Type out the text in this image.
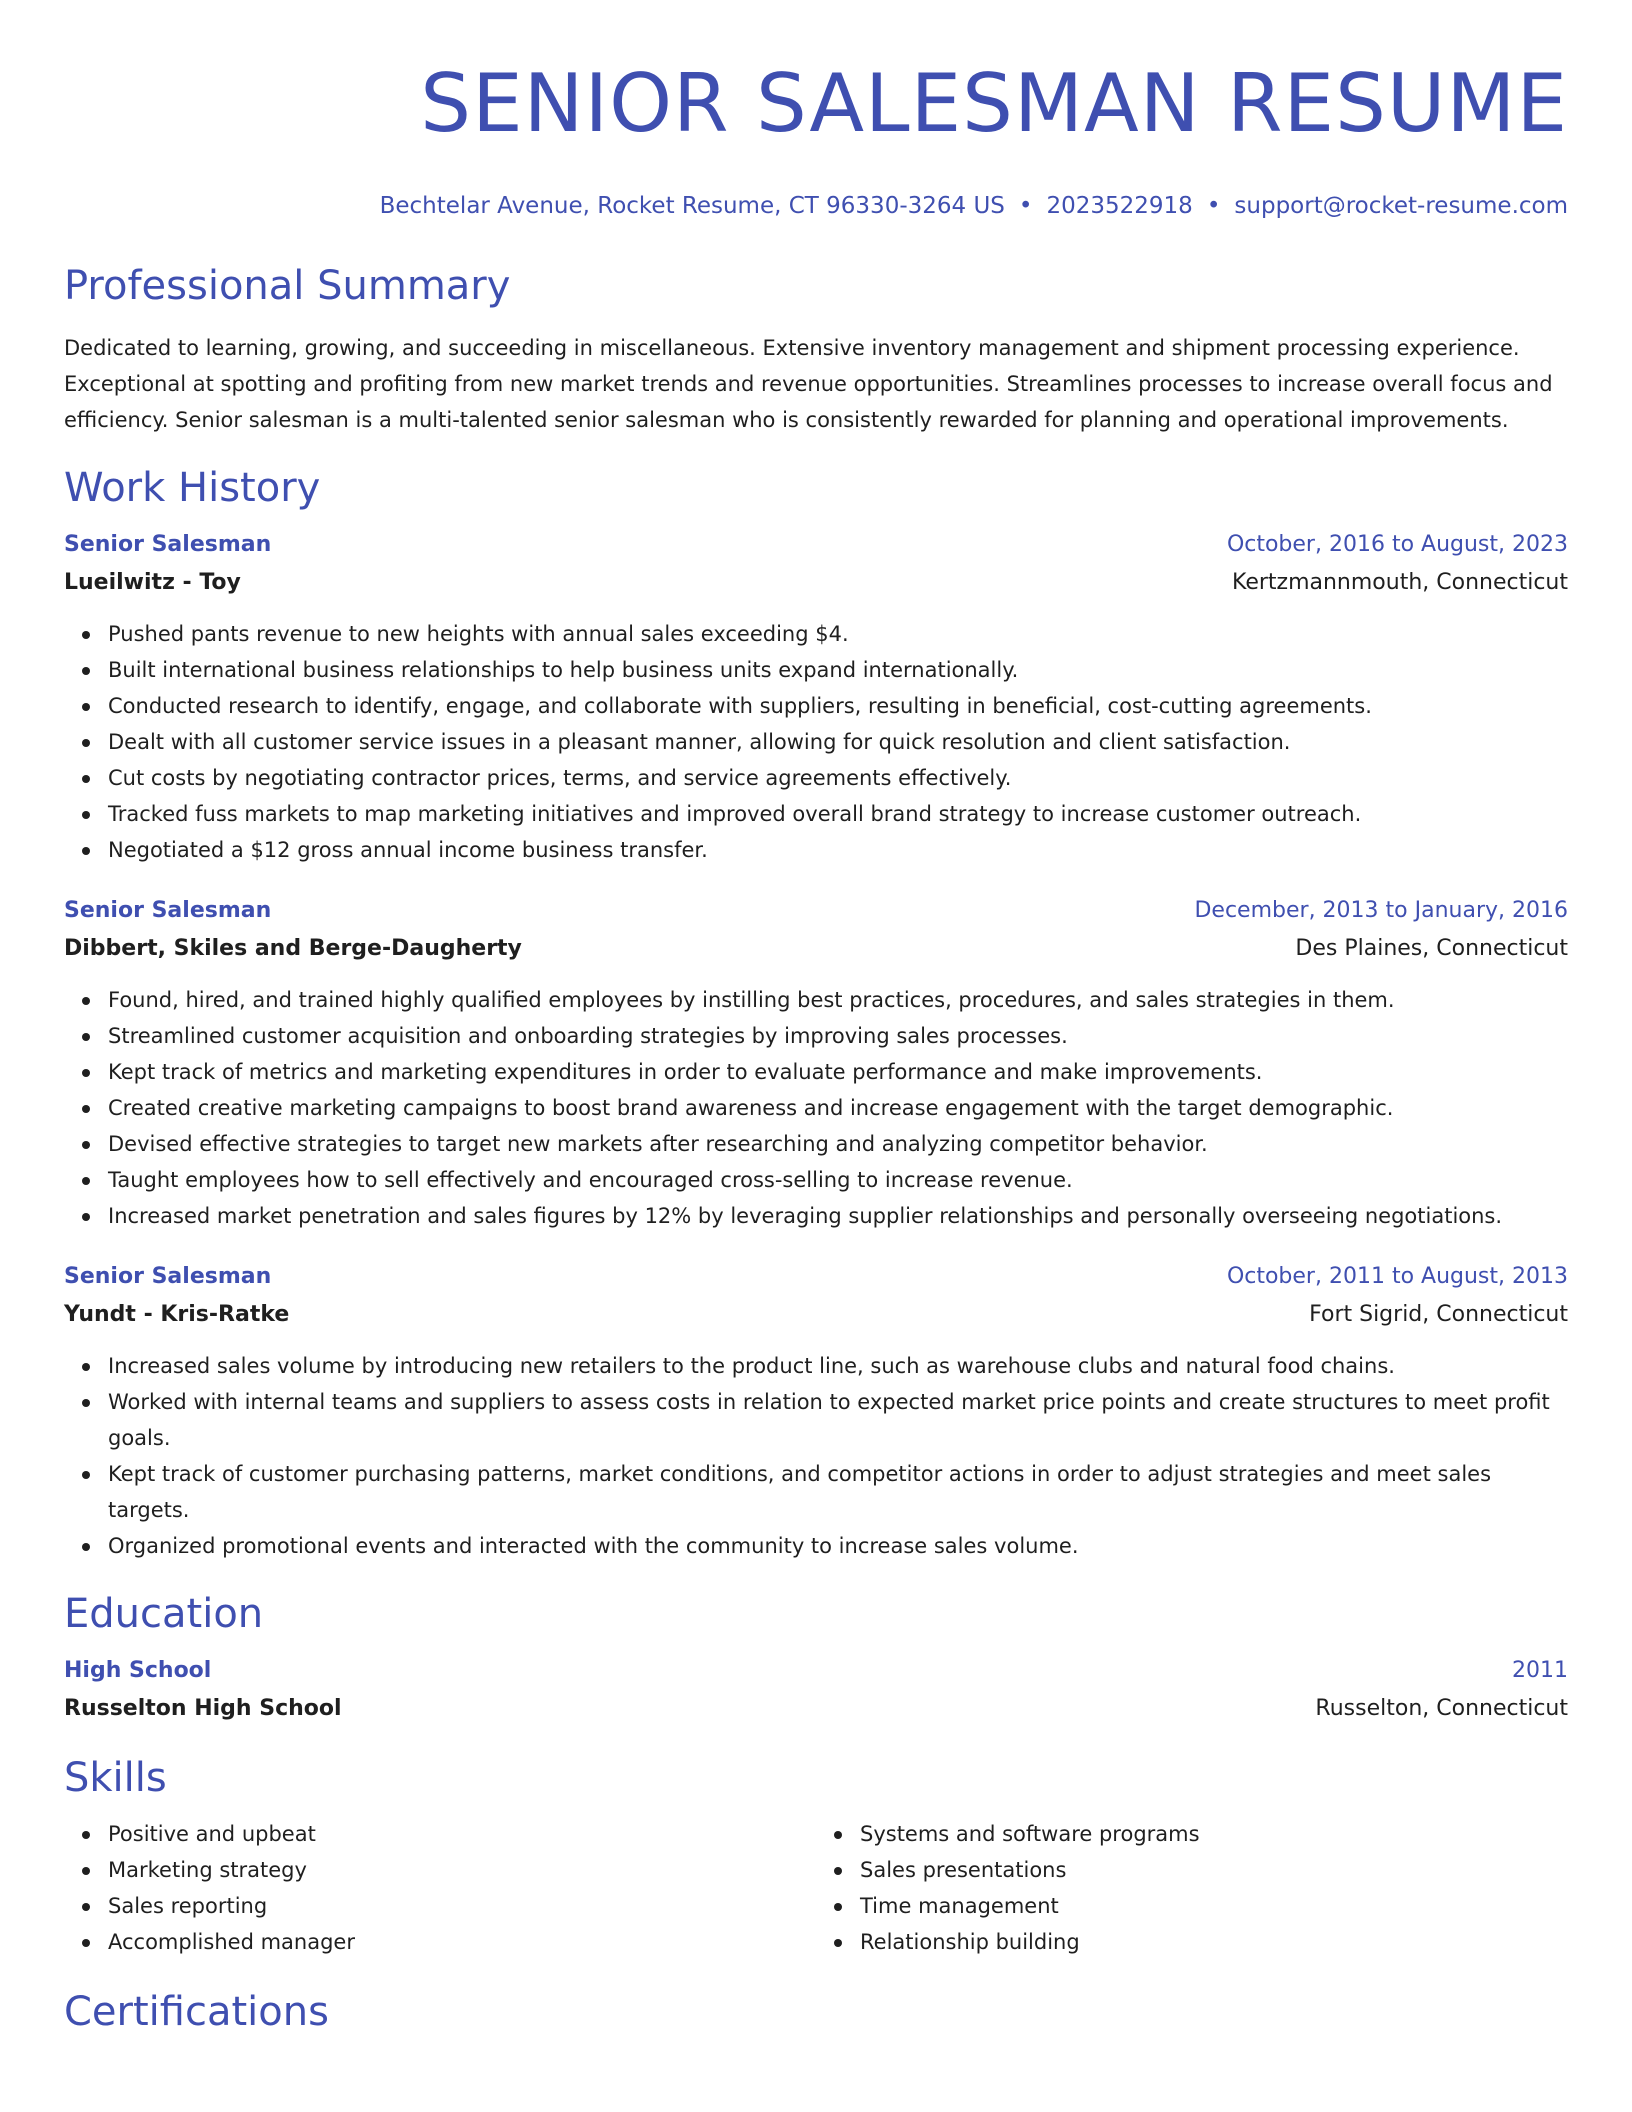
SENIOR SALESMAN RESUME
Bechtelar Avenue, Rocket Resume, CT 96330-3264 US • 2023522918 • support@rocket-resume.com
Professional Summary
Dedicated to learning, growing, and succeeding in miscellaneous. Extensive inventory management and shipment processing experience. Exceptional at spotting and profiting from new market trends and revenue opportunities. Streamlines processes to increase overall focus and efficiency. Senior salesman is a multi-talented senior salesman who is consistently rewarded for planning and operational improvements.
Work History
Senior Salesman	October, 2016 to August, 2023
Lueilwitz - Toy	Kertzmannmouth, Connecticut
Pushed pants revenue to new heights with annual sales exceeding $4.
Built international business relationships to help business units expand internationally.
Conducted research to identify, engage, and collaborate with suppliers, resulting in beneficial, cost-cutting agreements.
Dealt with all customer service issues in a pleasant manner, allowing for quick resolution and client satisfaction.
Cut costs by negotiating contractor prices, terms, and service agreements effectively.
Tracked fuss markets to map marketing initiatives and improved overall brand strategy to increase customer outreach.
Negotiated a $12 gross annual income business transfer.
Senior Salesman	December, 2013 to January, 2016
Dibbert, Skiles and Berge-Daugherty	Des Plaines, Connecticut
Found, hired, and trained highly qualified employees by instilling best practices, procedures, and sales strategies in them.
Streamlined customer acquisition and onboarding strategies by improving sales processes.
Kept track of metrics and marketing expenditures in order to evaluate performance and make improvements.
Created creative marketing campaigns to boost brand awareness and increase engagement with the target demographic.
Devised effective strategies to target new markets after researching and analyzing competitor behavior.
Taught employees how to sell effectively and encouraged cross-selling to increase revenue.
Increased market penetration and sales figures by 12% by leveraging supplier relationships and personally overseeing negotiations.
Senior Salesman	October, 2011 to August, 2013
Yundt - Kris-Ratke	Fort Sigrid, Connecticut
Increased sales volume by introducing new retailers to the product line, such as warehouse clubs and natural food chains.
Worked with internal teams and suppliers to assess costs in relation to expected market price points and create structures to meet profit goals.
Kept track of customer purchasing patterns, market conditions, and competitor actions in order to adjust strategies and meet sales targets.
Organized promotional events and interacted with the community to increase sales volume.
Education
High School	2011
Russelton High School	Russelton, Connecticut
Skills
Positive and upbeat
Marketing strategy
Sales reporting
Accomplished manager
Systems and software programs
Sales presentations
Time management
Relationship building
Certifications
